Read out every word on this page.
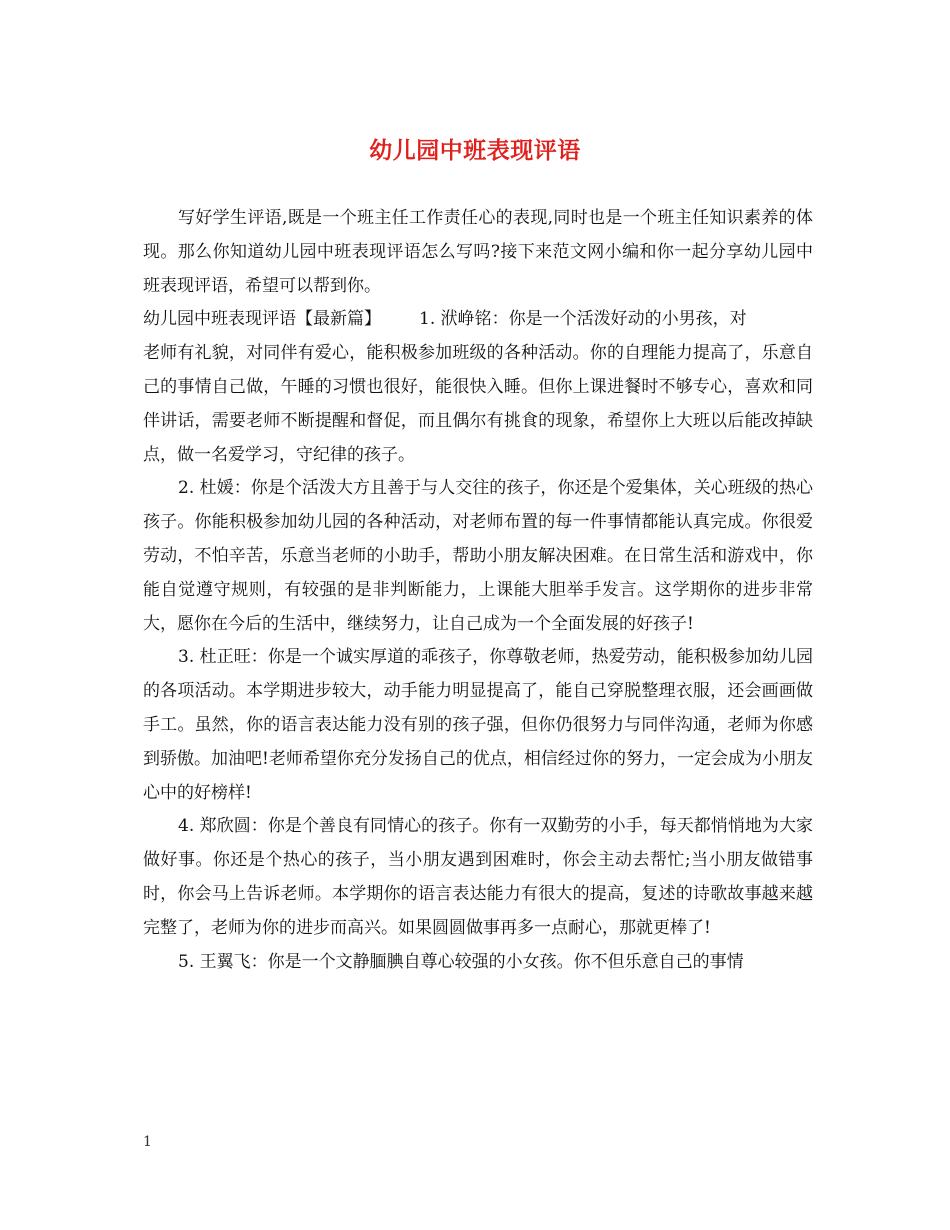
幼儿园中班表现评语

写好学生评语,既是一个班主任工作责任心的表现,同时也是一个班主任知识素养的体现。那么你知道幼儿园中班表现评语怎么写吗?接下来范文网小编和你一起分享幼儿园中班表现评语，希望可以帮到你。

幼儿园中班表现评语【最新篇】 1. 洑峥铭：你是一个活泼好动的小男孩，对
老师有礼貌，对同伴有爱心，能积极参加班级的各种活动。你的自理能力提高了，乐意自己的事情自己做，午睡的习惯也很好，能很快入睡。但你上课进餐时不够专心，喜欢和同伴讲话，需要老师不断提醒和督促，而且偶尔有挑食的现象，希望你上大班以后能改掉缺点，做一名爱学习，守纪律的孩子。

2. 杜媛：你是个活泼大方且善于与人交往的孩子，你还是个爱集体，关心班级的热心孩子。你能积极参加幼儿园的各种活动，对老师布置的每一件事情都能认真完成。你很爱劳动，不怕辛苦，乐意当老师的小助手，帮助小朋友解决困难。在日常生活和游戏中，你能自觉遵守规则，有较强的是非判断能力，上课能大胆举手发言。这学期你的进步非常大，愿你在今后的生活中，继续努力，让自己成为一个全面发展的好孩子!

3. 杜正旺：你是一个诚实厚道的乖孩子，你尊敬老师，热爱劳动，能积极参加幼儿园的各项活动。本学期进步较大，动手能力明显提高了，能自己穿脱整理衣服，还会画画做手工。虽然，你的语言表达能力没有别的孩子强，但你仍很努力与同伴沟通，老师为你感到骄傲。加油吧!老师希望你充分发扬自己的优点，相信经过你的努力，一定会成为小朋友心中的好榜样!

4. 郑欣圆：你是个善良有同情心的孩子。你有一双勤劳的小手，每天都悄悄地为大家做好事。你还是个热心的孩子，当小朋友遇到困难时，你会主动去帮忙;当小朋友做错事时，你会马上告诉老师。本学期你的语言表达能力有很大的提高，复述的诗歌故事越来越完整了，老师为你的进步而高兴。如果圆圆做事再多一点耐心，那就更棒了!

5. 王翼飞：你是一个文静腼腆自尊心较强的小女孩。你不但乐意自己的事情

1
